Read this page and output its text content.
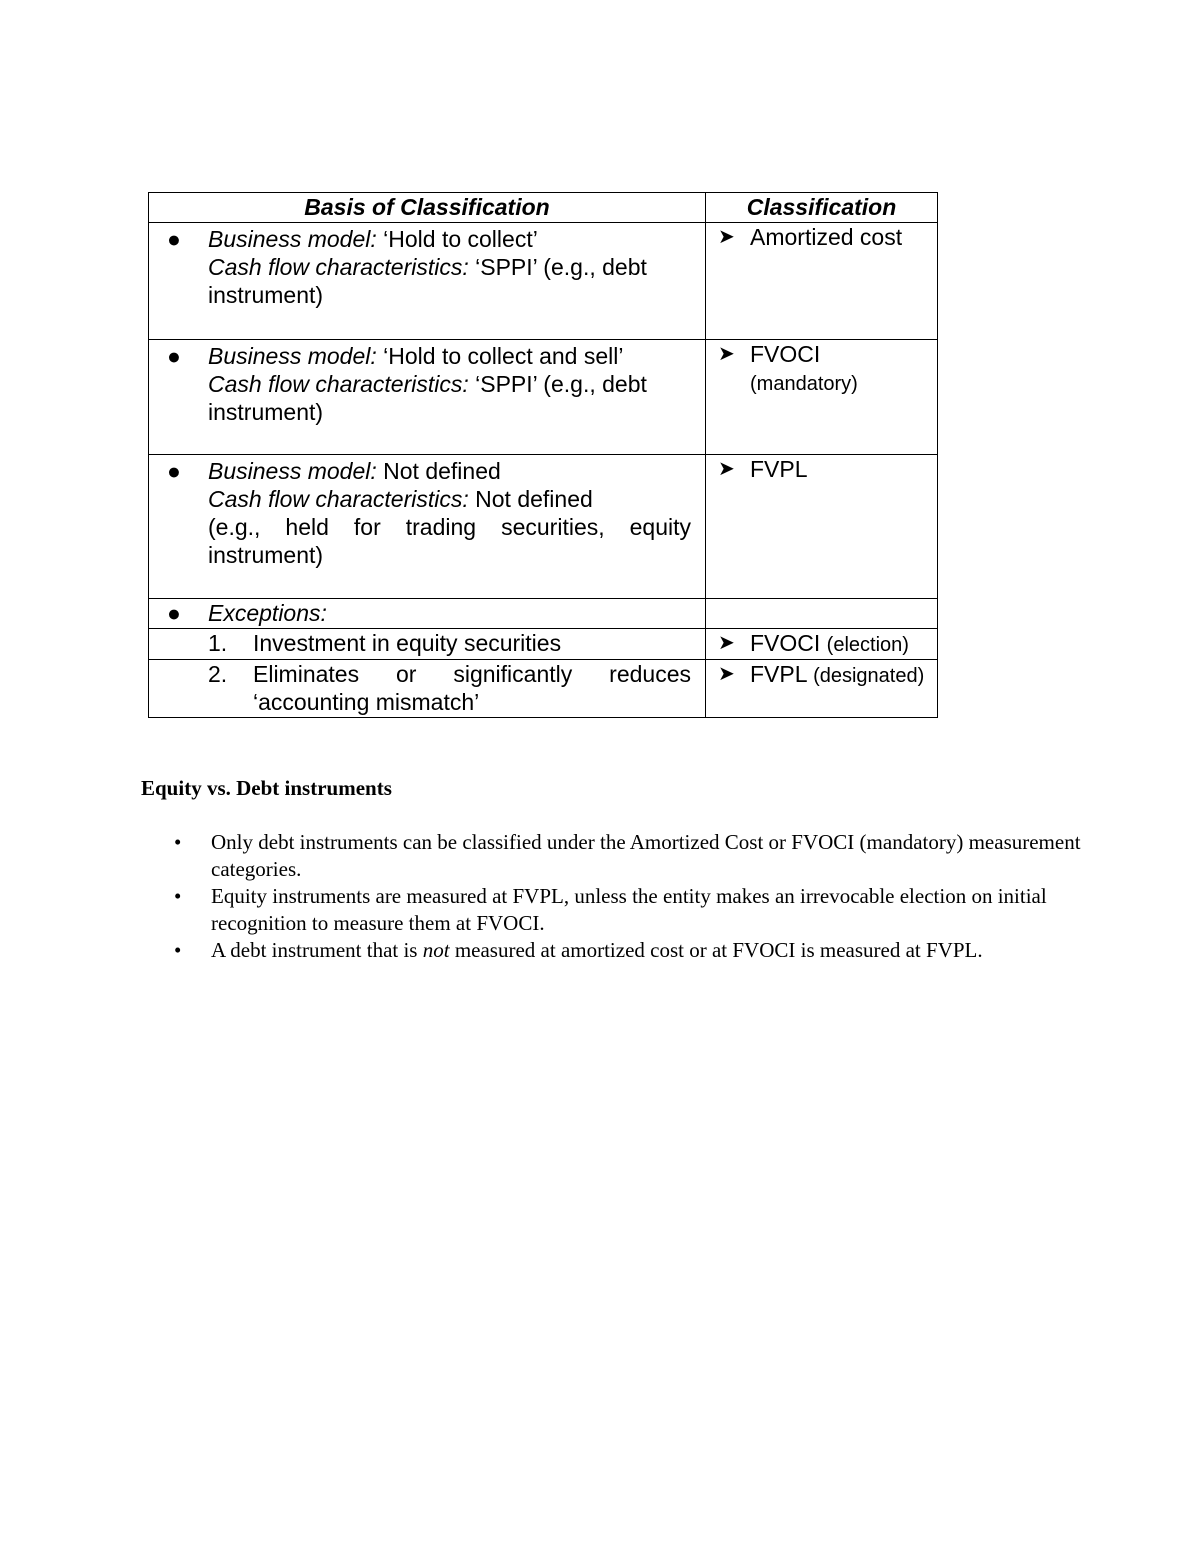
Basis of Classification	Classification

● Business model: ‘Hold to collect’
Cash flow characteristics: ‘SPPI’ (e.g., debt
instrument)	➤ Amortized cost

● Business model: ‘Hold to collect and sell’
Cash flow characteristics: ‘SPPI’ (e.g., debt
instrument)	➤ FVOCI
(mandatory)

● Business model: Not defined
Cash flow characteristics: Not defined
(e.g., held for trading securities, equity instrument)	➤ FVPL

● Exceptions:	

1. Investment in equity securities	➤ FVOCI (election)

2. Eliminates or significantly reduces ‘accounting mismatch’	➤ FVPL (designated)
Equity vs. Debt instruments
• Only debt instruments can be classified under the Amortized Cost or FVOCI (mandatory) measurement categories.
• Equity instruments are measured at FVPL, unless the entity makes an irrevocable election on initial recognition to measure them at FVOCI.
• A debt instrument that is not measured at amortized cost or at FVOCI is measured at FVPL.
